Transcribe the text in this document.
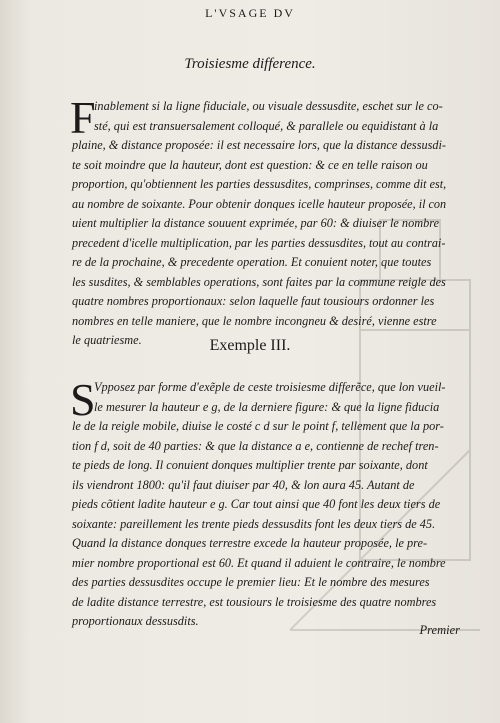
L'VSAGE DV
Troisiesme difference.
F
inablement si la ligne fiduciale, ou visuale dessusdite, eschet sur le co-
sté, qui est transuersalement colloqué, & parallele ou equidistant à la
plaine, & distance proposée: il est necessaire lors, que la distance dessusdi-
te soit moindre que la hauteur, dont est question: & ce en telle raison ou
proportion, qu'obtiennent les parties dessusdites, comprinses, comme dit est,
au nombre de soixante. Pour obtenir donques icelle hauteur proposée, il con
uient multiplier la distance souuent exprimée, par 60: & diuiser le nombre
precedent d'icelle multiplication, par les parties dessusdites, tout au contrai-
re de la prochaine, & precedente operation. Et conuient noter, que toutes
les susdites, & semblables operations, sont faites par la commune reigle des
quatre nombres proportionaux: selon laquelle faut tousiours ordonner les
nombres en telle maniere, que le nombre incongneu & desiré, vienne estre
le quatriesme.	Exemple III.
S
Vpposez par forme d'exẽple de ceste troisiesme differẽce, que lon vueil-
le mesurer la hauteur e g, de la derniere figure: & que la ligne fiducia
le de la reigle mobile, diuise le costé c d sur le point f, tellement que la por-
tion f d, soit de 40 parties: & que la distance a e, contienne de rechef tren-
te pieds de long. Il conuient donques multiplier trente par soixante, dont
ils viendront 1800: qu'il faut diuiser par 40, & lon aura 45. Autant de
pieds cõtient ladite hauteur e g. Car tout ainsi que 40 font les deux tiers de
soixante: pareillement les trente pieds dessusdits font les deux tiers de 45.
Quand la distance donques terrestre excede la hauteur proposée, le pre-
mier nombre proportional est 60. Et quand il aduient le contraire, le nombre
des parties dessusdites occupe le premier lieu: Et le nombre des mesures
de ladite distance terrestre, est tousiours le troisiesme des quatre nombres
proportionaux dessusdits.
Premier
